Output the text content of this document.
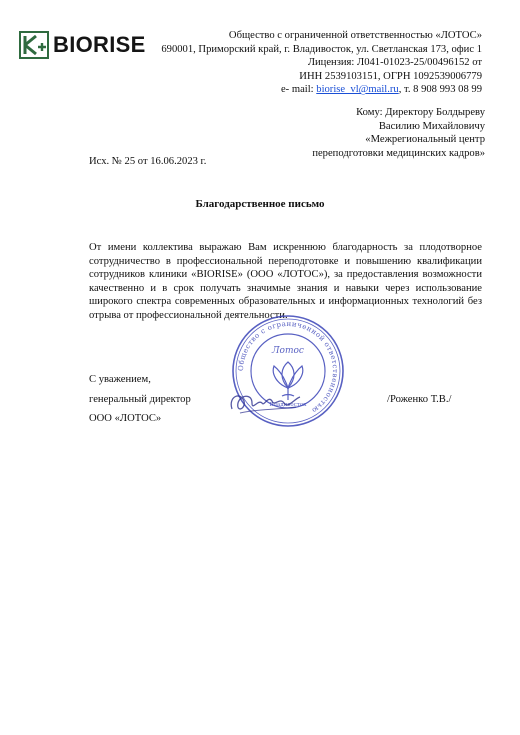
BIORISE	Общество с ограниченной ответственностью «ЛОТОС»
690001, Приморский край, г. Владивосток, ул. Светланская 173, офис 1
Лицензия: Л041-01023-25/00496152 от
ИНН 2539103151, ОГРН 1092539006779
е- mail: biorise_vl@mail.ru, т. 8 908 993 08 99
Кому: Директору Болдыреву
Василию Михайловичу
«Межрегиональный центр
переподготовки медицинских кадров»
Исх. № 25 от 16.06.2023 г.
Благодарственное письмо
От имени коллектива выражаю Вам искреннюю благодарность за плодотворное сотрудничество в профессиональной переподготовке и повышению квалификации сотрудников клиники «BIORISE» (ООО «ЛОТОС»), за предоставления возможности качественно и в срок получать значимые знания и навыки через использование широкого спектра современных образовательных и информационных технологий без отрыва от профессиональной деятельности.
С уважением,
генеральный директор
ООО «ЛОТОС»
/Роженко Т.В./
Общество с ограниченной ответственностью
Лотос
Владивосток
